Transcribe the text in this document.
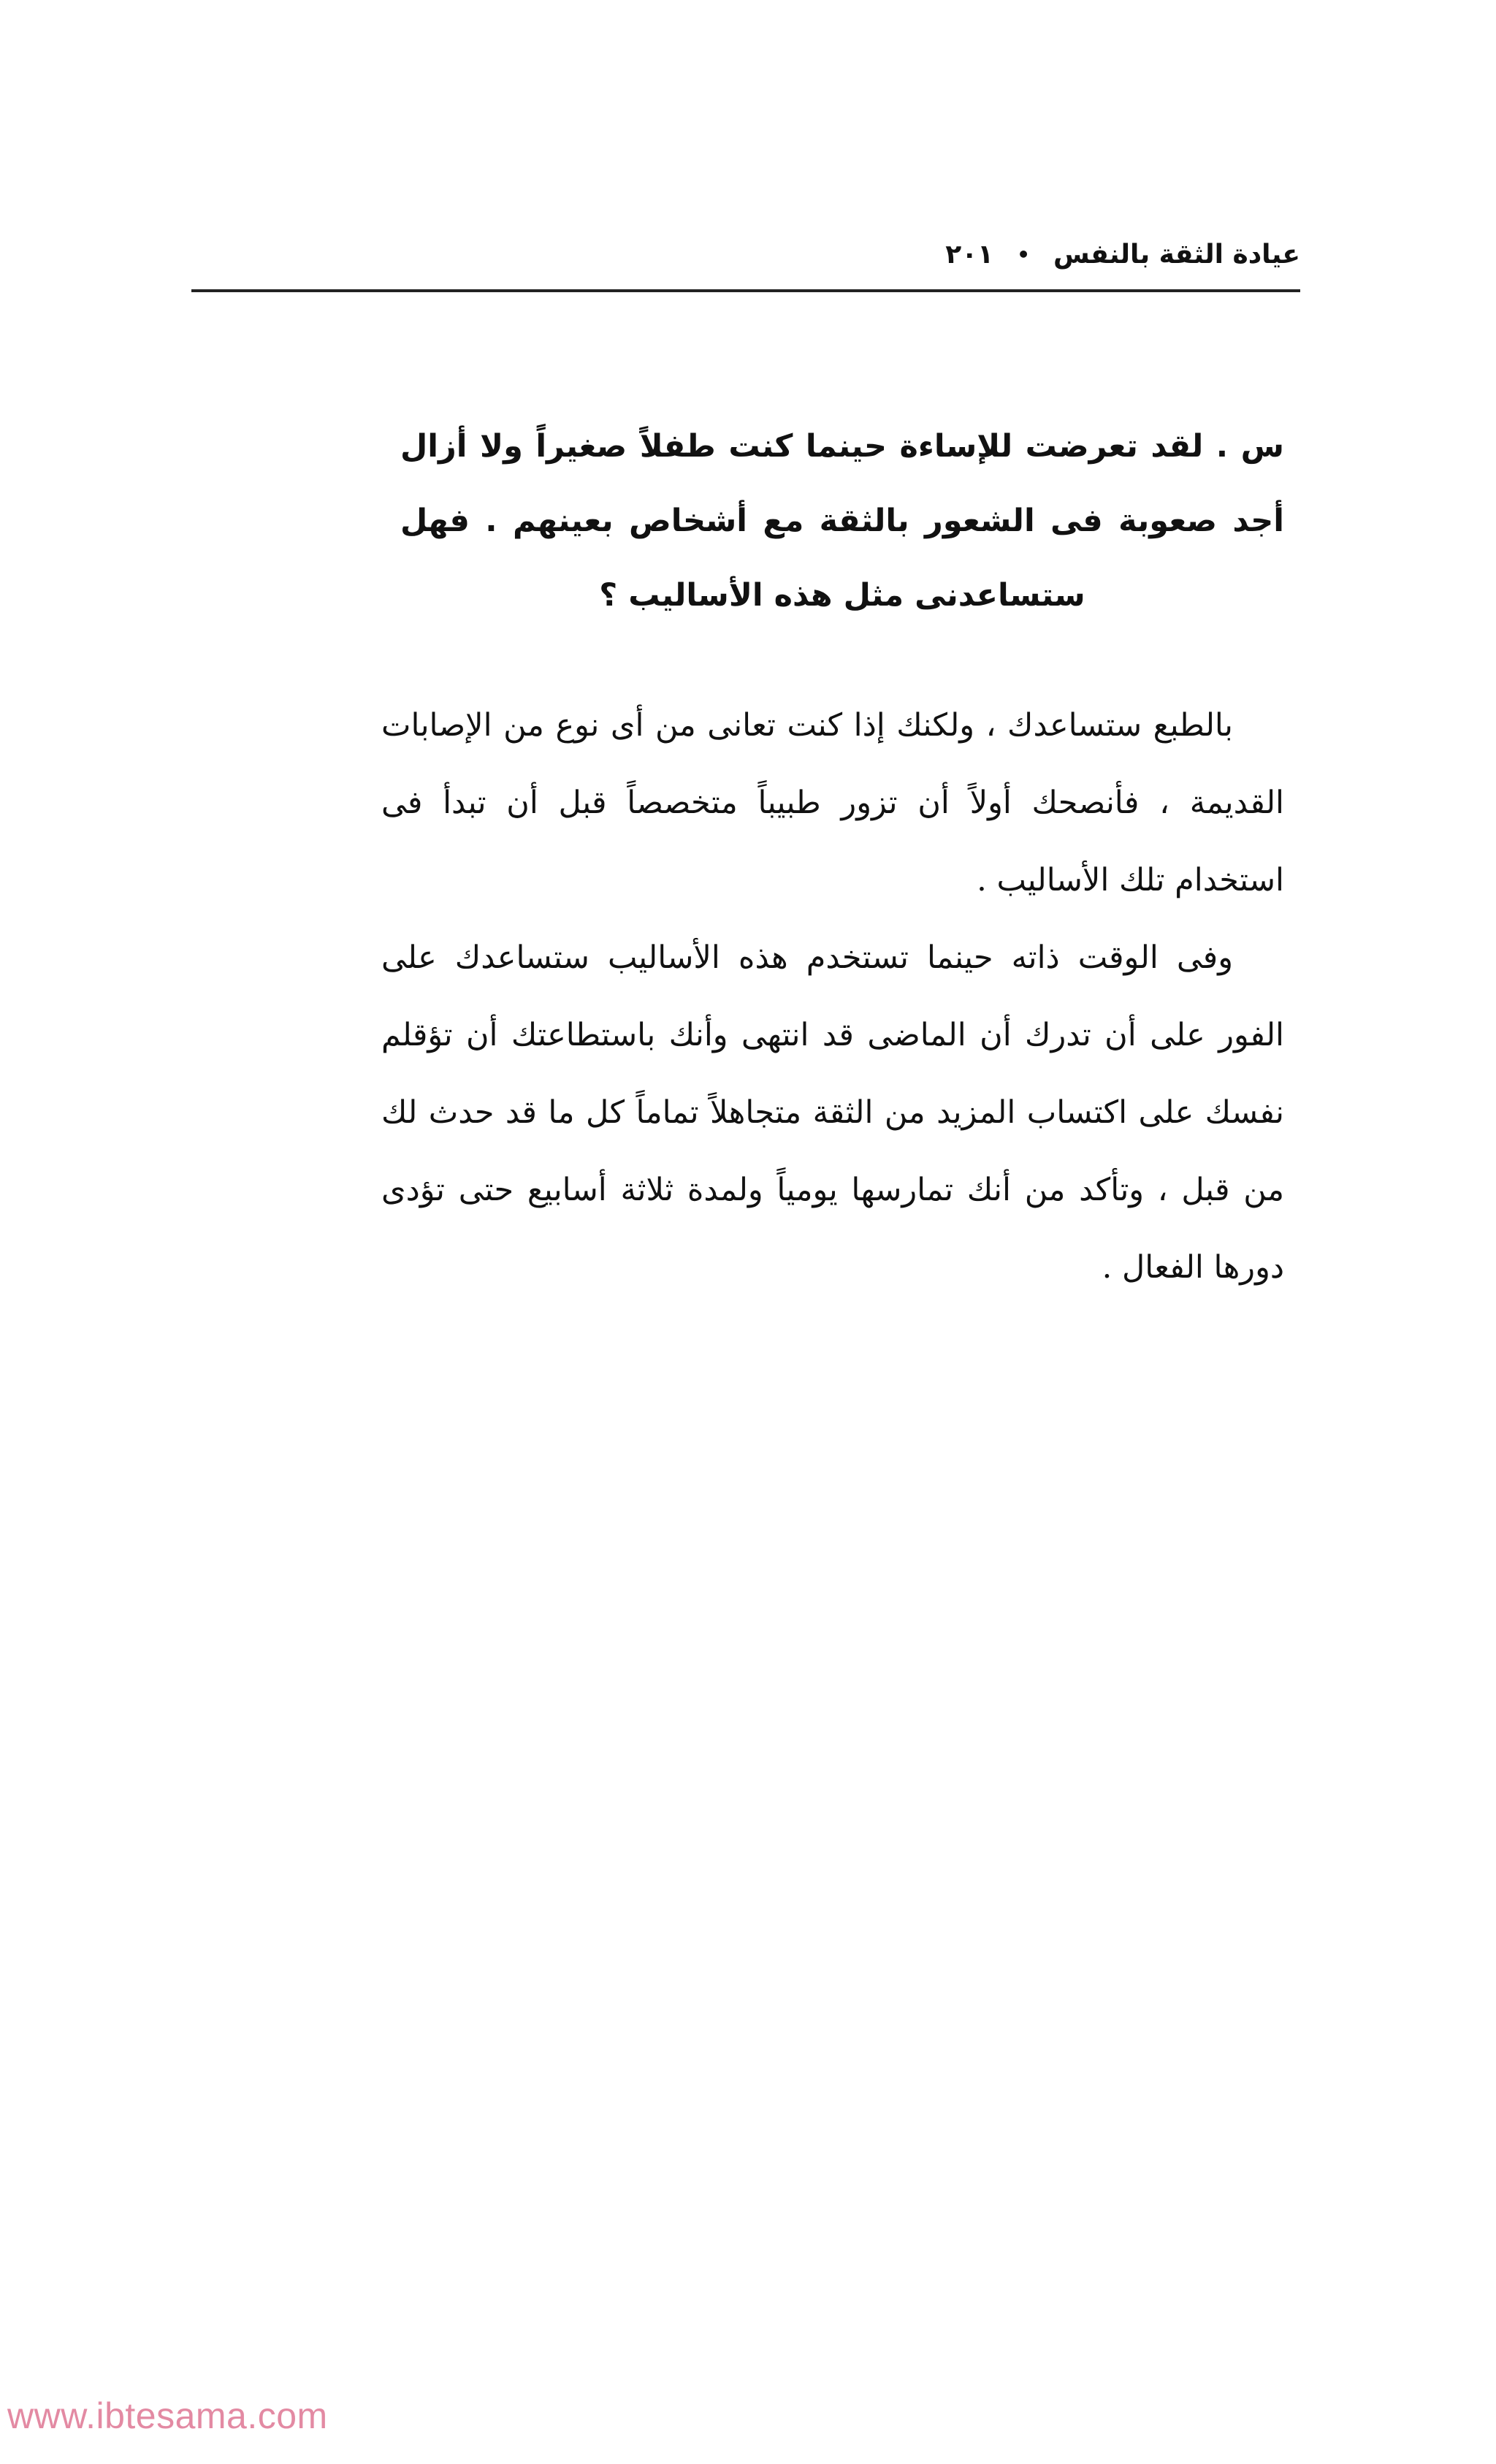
عيادة الثقة بالنفس
•
٢٠١

س . لقد تعرضت للإساءة حينما كنت طفلاً صغيراً ولا أزال أجد صعوبة فى الشعور بالثقة مع أشخاص بعينهم . فهل ستساعدنى مثل هذه الأساليب ؟

بالطبع ستساعدك ، ولكنك إذا كنت تعانى من أى نوع من الإصابات القديمة ، فأنصحك أولاً أن تزور طبيباً متخصصاً قبل أن تبدأ فى استخدام تلك الأساليب .

وفى الوقت ذاته حينما تستخدم هذه الأساليب ستساعدك على الفور على أن تدرك أن الماضى قد انتهى وأنك باستطاعتك أن تؤقلم نفسك على اكتساب المزيد من الثقة متجاهلاً تماماً كل ما قد حدث لك من قبل ، وتأكد من أنك تمارسها يومياً ولمدة ثلاثة أسابيع حتى تؤدى دورها الفعال .

www.ibtesama.com
